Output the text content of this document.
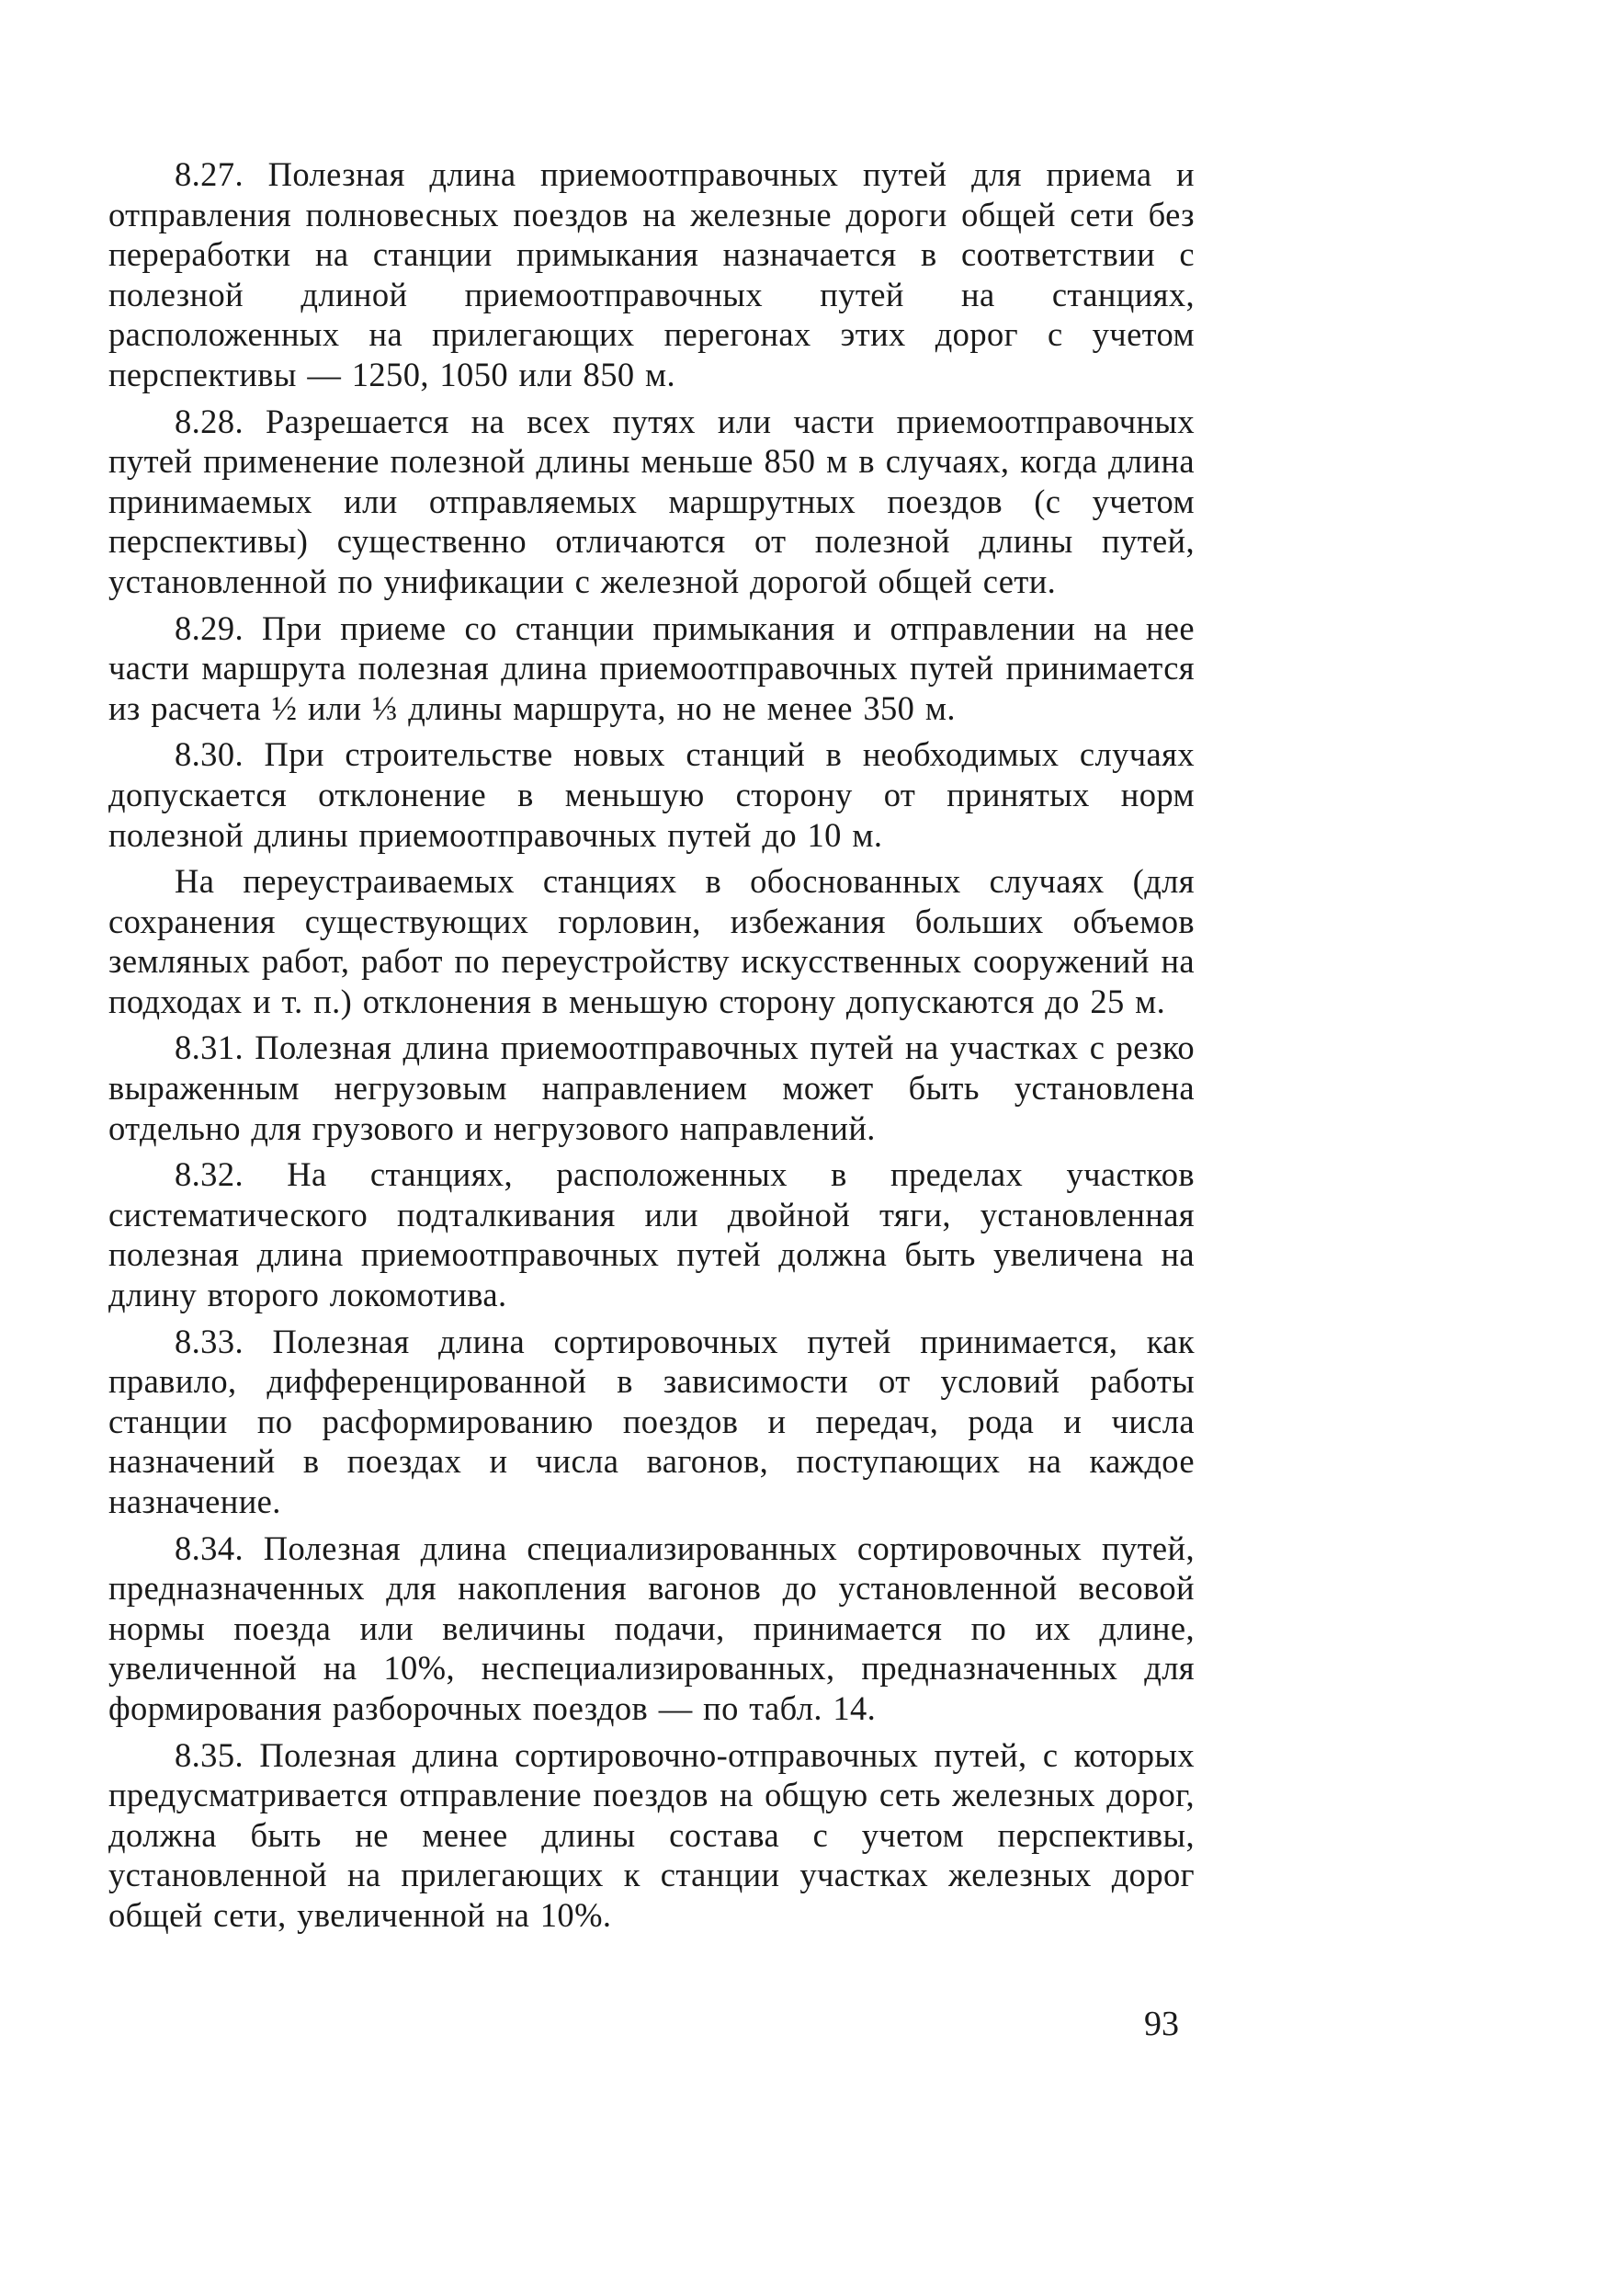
8.27. Полезная длина приемоотправочных путей для приема и отправления полновесных поездов на железные дороги общей сети без переработки на станции примыкания назначается в соответствии с полезной длиной приемоотправочных путей на станциях, расположенных на прилегающих перегонах этих дорог с учетом перспективы — 1250, 1050 или 850 м.

8.28. Разрешается на всех путях или части приемоотправочных путей применение полезной длины меньше 850 м в случаях, когда длина принимаемых или отправляемых маршрутных поездов (с учетом перспективы) существенно отличаются от полезной длины путей, установленной по унификации с железной дорогой общей сети.

8.29. При приеме со станции примыкания и отправлении на нее части маршрута полезная длина приемоотправочных путей принимается из расчета ½ или ⅓ длины маршрута, но не менее 350 м.

8.30. При строительстве новых станций в необходимых случаях допускается отклонение в меньшую сторону от принятых норм полезной длины приемоотправочных путей до 10 м.

На переустраиваемых станциях в обоснованных случаях (для сохранения существующих горловин, избежания больших объемов земляных работ, работ по переустройству искусственных сооружений на подходах и т. п.) отклонения в меньшую сторону допускаются до 25 м.

8.31. Полезная длина приемоотправочных путей на участках с резко выраженным негрузовым направлением может быть установлена отдельно для грузового и негрузового направлений.

8.32. На станциях, расположенных в пределах участков систематического подталкивания или двойной тяги, установленная полезная длина приемоотправочных путей должна быть увеличена на длину второго локомотива.

8.33. Полезная длина сортировочных путей принимается, как правило, дифференцированной в зависимости от условий работы станции по расформированию поездов и передач, рода и числа назначений в поездах и числа вагонов, поступающих на каждое назначение.

8.34. Полезная длина специализированных сортировочных путей, предназначенных для накопления вагонов до установленной весовой нормы поезда или величины подачи, принимается по их длине, увеличенной на 10%, неспециализированных, предназначенных для формирования разборочных поездов — по табл. 14.

8.35. Полезная длина сортировочно-отправочных путей, с которых предусматривается отправление поездов на общую сеть железных дорог, должна быть не менее длины состава с учетом перспективы, установленной на прилегающих к станции участках железных дорог общей сети, увеличенной на 10%.

93
